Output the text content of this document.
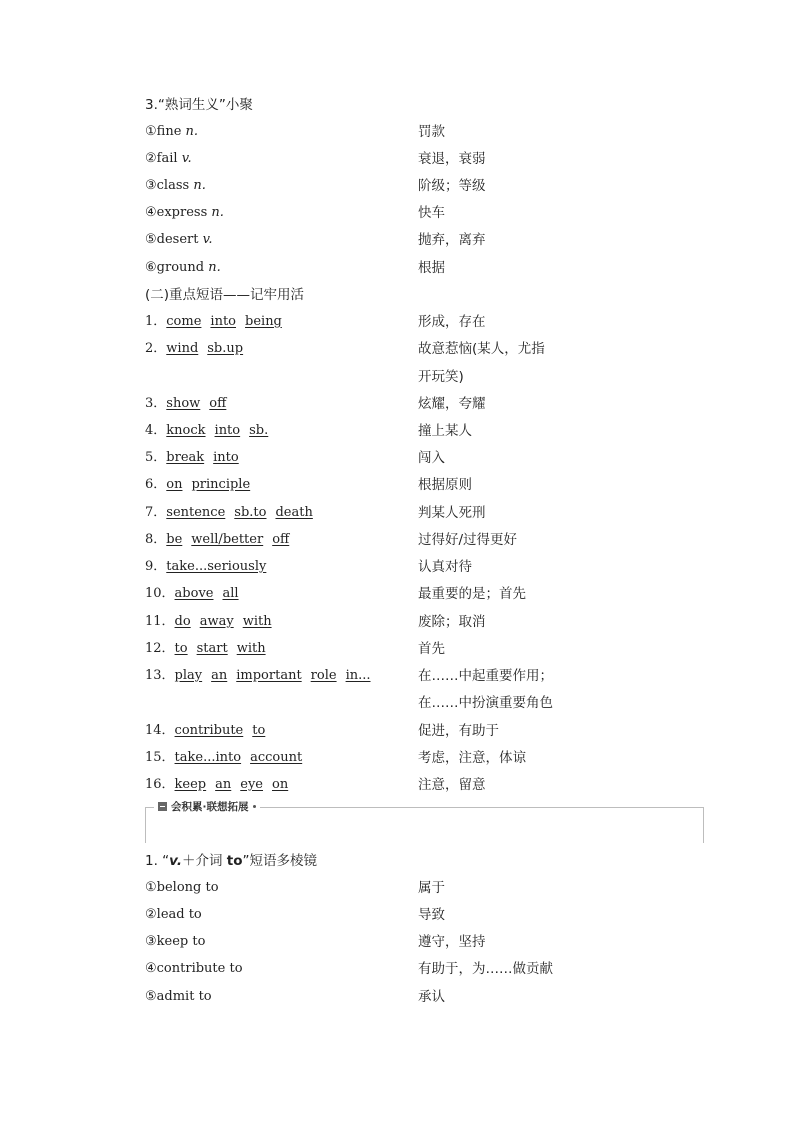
3.“熟词生义”小聚
①fine n.	罚款
②fail v.	衰退，衰弱
③class n.	阶级；等级
④express n.	快车
⑤desert v.	抛弃，离弃
⑥ground n.	根据
(二)重点短语——记牢用活
1．come into being	形成，存在
2．wind sb.up	故意惹恼(某人，尤指
开玩笑)
3．show off	炫耀，夸耀
4．knock into sb.	撞上某人
5．break into	闯入
6．on principle	根据原则
7．sentence sb.to death	判某人死刑
8．be well/better off	过得好/过得更好
9．take...seriously	认真对待
10．above all	最重要的是；首先
11．do away with	废除；取消
12．to start with	首先
13．play an important role in...	在……中起重要作用；
在……中扮演重要角色
14．contribute to	促进，有助于
15．take...into account	考虑，注意，体谅
16．keep an eye on	注意，留意
会积累·联想拓展
1. “v.＋介词 to”短语多棱镜
①belong to	属于
②lead to	导致
③keep to	遵守，坚持
④contribute to	有助于，为……做贡献
⑤admit to	承认
